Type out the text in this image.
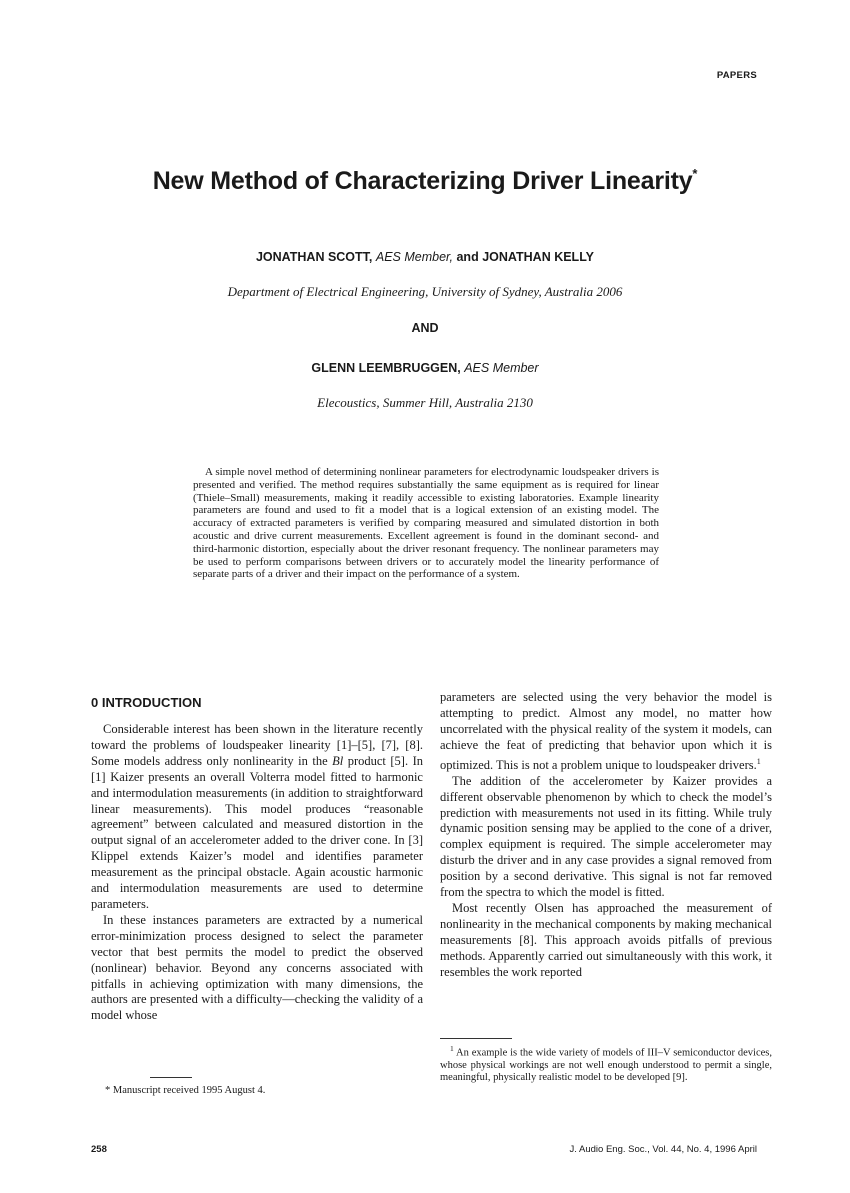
PAPERS
New Method of Characterizing Driver Linearity*
JONATHAN SCOTT, AES Member, and JONATHAN KELLY
Department of Electrical Engineering, University of Sydney, Australia 2006
AND
GLENN LEEMBRUGGEN, AES Member
Elecoustics, Summer Hill, Australia 2130

A simple novel method of determining nonlinear parameters for electrodynamic loudspeaker drivers is presented and verified. The method requires substantially the same equipment as is required for linear (Thiele–Small) measurements, making it readily accessible to existing laboratories. Example linearity parameters are found and used to fit a model that is a logical extension of an existing model. The accuracy of extracted parameters is verified by comparing measured and simulated distortion in both acoustic and drive current measurements. Excellent agreement is found in the dominant second- and third-harmonic distortion, especially about the driver resonant frequency. The nonlinear parameters may be used to perform comparisons between drivers or to accurately model the linearity performance of separate parts of a driver and their impact on the performance of a system.

0 INTRODUCTION

Considerable interest has been shown in the literature recently toward the problems of loudspeaker linearity [1]–[5], [7], [8]. Some models address only nonlinearity in the Bl product [5]. In [1] Kaizer presents an overall Volterra model fitted to harmonic and intermodulation measurements (in addition to straightforward linear measurements). This model produces “reasonable agreement” between calculated and measured distortion in the output signal of an accelerometer added to the driver cone. In [3] Klippel extends Kaizer’s model and identifies parameter measurement as the principal obstacle. Again acoustic harmonic and intermodulation measurements are used to determine parameters.

In these instances parameters are extracted by a numerical error-minimization process designed to select the parameter vector that best permits the model to predict the observed (nonlinear) behavior. Beyond any concerns associated with pitfalls in achieving optimization with many dimensions, the authors are presented with a difficulty—checking the validity of a model whose

parameters are selected using the very behavior the model is attempting to predict. Almost any model, no matter how uncorrelated with the physical reality of the system it models, can achieve the feat of predicting that behavior upon which it is optimized. This is not a problem unique to loudspeaker drivers.$^1$

The addition of the accelerometer by Kaizer provides a different observable phenomenon by which to check the model’s prediction with measurements not used in its fitting. While truly dynamic position sensing may be applied to the cone of a driver, complex equipment is required. The simple accelerometer may disturb the driver and in any case provides a signal removed from position by a second derivative. This signal is not far removed from the spectra to which the model is fitted.

Most recently Olsen has approached the measurement of nonlinearity in the mechanical components by making mechanical measurements [8]. This approach avoids pitfalls of previous methods. Apparently carried out simultaneously with this work, it resembles the work reported

$^1$ An example is the wide variety of models of III–V semiconductor devices, whose physical workings are not well enough understood to permit a single, meaningful, physically realistic model to be developed [9].
* Manuscript received 1995 August 4.
258	J. Audio Eng. Soc., Vol. 44, No. 4, 1996 April
